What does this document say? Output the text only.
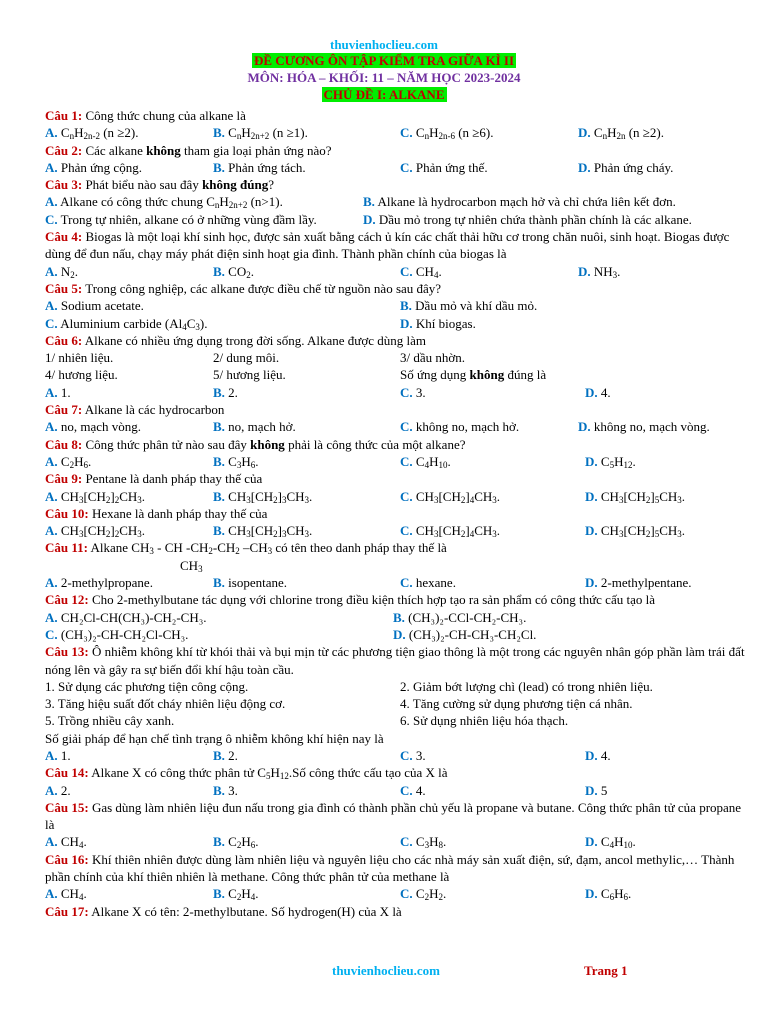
thuvienhoclieu.com
ĐỀ CƯƠNG ÔN TẬP KIỂM TRA GIỮA KÌ II
MÔN: HÓA – KHỐI: 11 – NĂM HỌC 2023-2024
CHỦ ĐỀ I: ALKANE
Câu 1: Công thức chung của alkane là
A. $C_nH_{2n-2}$ (n ≥2).	B. $C_nH_{2n+2}$ (n ≥1).	C. $C_nH_{2n-6}$ (n ≥6).	D. $C_nH_{2n}$ (n ≥2).
Câu 2: Các alkane không tham gia loại phản ứng nào?
A. Phản ứng cộng.	B. Phản ứng tách.	C. Phản ứng thế.	D. Phản ứng cháy.
Câu 3: Phát biểu nào sau đây không đúng?
A. Alkane có công thức chung $C_nH_{2n+2}$ (n>1).	B. Alkane là hydrocarbon mạch hở và chỉ chứa liên kết đơn.
C. Trong tự nhiên, alkane có ở những vùng đầm lầy.	D. Dầu mỏ trong tự nhiên chứa thành phần chính là các alkane.
Câu 4: Biogas là một loại khí sinh học, được sản xuất bằng cách ủ kín các chất thải hữu cơ trong chăn nuôi, sinh hoạt. Biogas được dùng để đun nấu, chạy máy phát điện sinh hoạt gia đình. Thành phần chính của biogas là
A. $N_2$.	B. $CO_2$.	C. $CH_4$.	D. $NH_3$.
Câu 5: Trong công nghiệp, các alkane được điều chế từ nguồn nào sau đây?
A. Sodium acetate.	B. Dầu mỏ và khí dầu mỏ.
C. Aluminium carbide $(Al_4C_3)$.	D. Khí biogas.
Câu 6: Alkane có nhiều ứng dụng trong đời sống. Alkane được dùng làm
1/ nhiên liệu.	2/ dung môi.	3/ dầu nhờn.
4/ hương liệu.	5/ hương liệu.	Số ứng dụng không đúng là
A. 1.	B. 2.	C. 3.	D. 4.
Câu 7: Alkane là các hydrocarbon
A. no, mạch vòng.	B. no, mạch hở.	C. không no, mạch hở.	D. không no, mạch vòng.
Câu 8: Công thức phân tử nào sau đây không phải là công thức của một alkane?
A. $C_2H_6$.	B. $C_3H_6$.	C. $C_4H_{10}$.	D. $C_5H_{12}$.
Câu 9: Pentane là danh pháp thay thế của
A. $CH_3[CH_2]_2CH_3$.	B. $CH_3[CH_2]_3CH_3$.	C. $CH_3[CH_2]_4CH_3$.	D. $CH_3[CH_2]_5CH_3$.
Câu 10: Hexane là danh pháp thay thế của
A. $CH_3[CH_2]_2CH_3$.	B. $CH_3[CH_2]_3CH_3$.	C. $CH_3[CH_2]_4CH_3$.	D. $CH_3[CH_2]_5CH_3$.
Câu 11: Alkane $CH_3$ - CH $-CH_2-CH_2$ $-CH_3$ có tên theo danh pháp thay thế là
$CH_3$
A. 2-methylpropane.	B. isopentane.	C. hexane.	D. 2-methylpentane.
Câu 12: Cho 2-methylbutane tác dụng với chlorine trong điều kiện thích hợp tạo ra sản phẩm có công thức cấu tạo là
A. CH₂Cl-CH(CH₃)-CH₂-CH₃.	B. (CH₃)₂-CCl-CH₂-CH₃.
C. (CH₃)₂-CH-CH₂Cl-CH₃.	D. (CH₃)₂-CH-CH₃-CH₂Cl.
Câu 13: Ô nhiễm không khí từ khói thải và bụi mịn từ các phương tiện giao thông là một trong các nguyên nhân góp phần làm trái đất nóng lên và gây ra sự biến đổi khí hậu toàn cầu.
1. Sử dụng các phương tiện công cộng.	2. Giảm bớt lượng chì (lead) có trong nhiên liệu.
3. Tăng hiệu suất đốt cháy nhiên liệu động cơ.	4. Tăng cường sử dụng phương tiện cá nhân.
5. Trồng nhiều cây xanh.	6. Sử dụng nhiên liệu hóa thạch.
Số giải pháp để hạn chế tình trạng ô nhiễm không khí hiện nay là
A. 1.	B. 2.	C. 3.	D. 4.
Câu 14: Alkane X có công thức phân tử $C_5H_{12}.Số$ công thức cấu tạo của X là
A. 2.	B. 3.	C. 4.	D. 5
Câu 15: Gas dùng làm nhiên liệu đun nấu trong gia đình có thành phần chủ yếu là propane và butane. Công thức phân tử của propane là
A. $CH_4$.	B. $C_2H_6$.	C. $C_3H_8$.	D. $C_4H_{10}$.
Câu 16: Khí thiên nhiên được dùng làm nhiên liệu và nguyên liệu cho các nhà máy sản xuất điện, sứ, đạm, ancol methylic,… Thành phần chính của khí thiên nhiên là methane. Công thức phân tử của methane là
A. $CH_4$.	B. $C_2H_4$.	C. $C_2H_2$.	D. $C_6H_6$.
Câu 17: Alkane X có tên: 2-methylbutane. Số hydrogen(H) của X là
thuvienhoclieu.com	Trang 1
